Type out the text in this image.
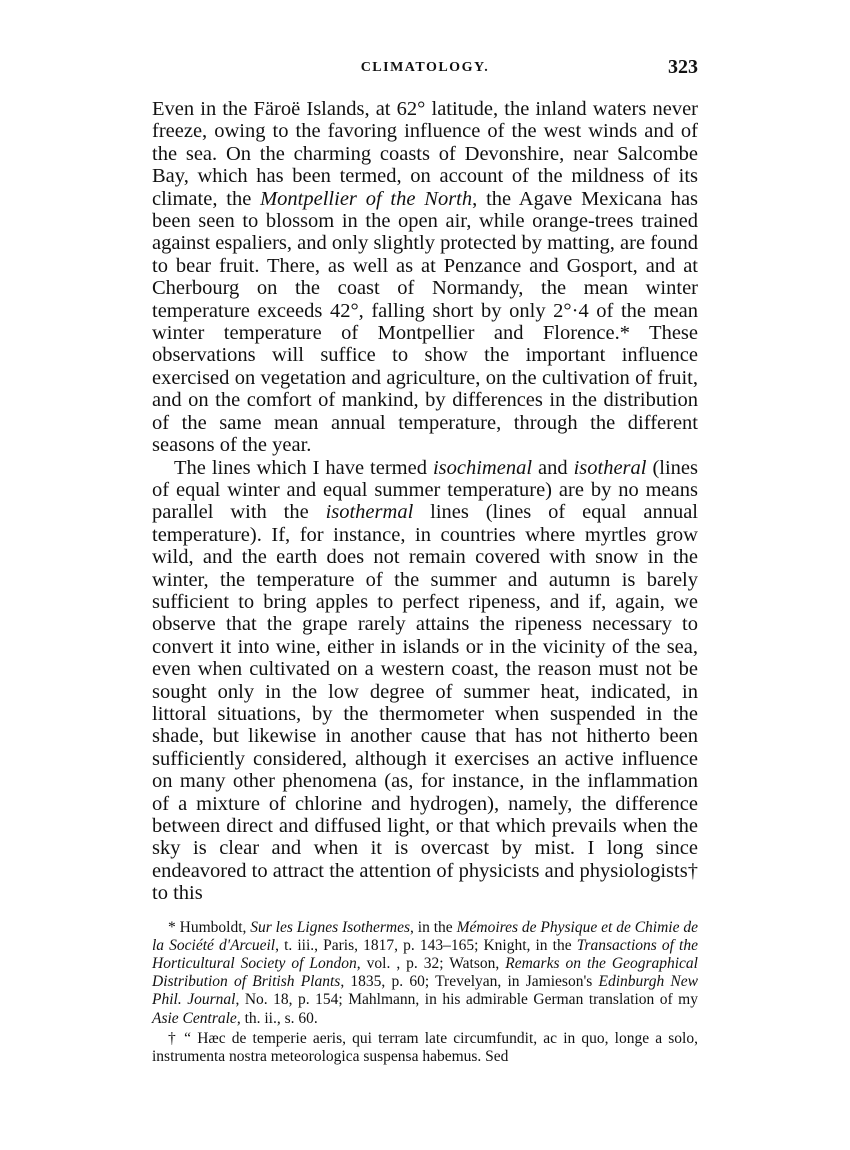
CLIMATOLOGY.	323

Even in the Färoë Islands, at 62° latitude, the inland waters never freeze, owing to the favoring influence of the west winds and of the sea. On the charming coasts of Devonshire, near Salcombe Bay, which has been termed, on account of the mildness of its climate, the Montpellier of the North, the Agave Mexicana has been seen to blossom in the open air, while orange-trees trained against espaliers, and only slightly protected by matting, are found to bear fruit. There, as well as at Penzance and Gosport, and at Cherbourg on the coast of Normandy, the mean winter temperature exceeds 42°, falling short by only 2°·4 of the mean winter temperature of Montpellier and Florence.* These observations will suffice to show the important influence exercised on vegetation and agriculture, on the cultivation of fruit, and on the comfort of mankind, by differences in the distribution of the same mean annual temperature, through the different seasons of the year.

The lines which I have termed isochimenal and isotheral (lines of equal winter and equal summer temperature) are by no means parallel with the isothermal lines (lines of equal annual temperature). If, for instance, in countries where myrtles grow wild, and the earth does not remain covered with snow in the winter, the temperature of the summer and autumn is barely sufficient to bring apples to perfect ripeness, and if, again, we observe that the grape rarely attains the ripeness necessary to convert it into wine, either in islands or in the vicinity of the sea, even when cultivated on a western coast, the reason must not be sought only in the low degree of summer heat, indicated, in littoral situations, by the thermometer when suspended in the shade, but likewise in another cause that has not hitherto been sufficiently considered, although it exercises an active influence on many other phenomena (as, for instance, in the inflammation of a mixture of chlorine and hydrogen), namely, the difference between direct and diffused light, or that which prevails when the sky is clear and when it is overcast by mist. I long since endeavored to attract the attention of physicists and physiologists† to this

* Humboldt, Sur les Lignes Isothermes, in the Mémoires de Physique et de Chimie de la Société d'Arcueil, t. iii., Paris, 1817, p. 143–165; Knight, in the Transactions of the Horticultural Society of London, vol. , p. 32; Watson, Remarks on the Geographical Distribution of British Plants, 1835, p. 60; Trevelyan, in Jamieson's Edinburgh New Phil. Journal, No. 18, p. 154; Mahlmann, in his admirable German translation of my Asie Centrale, th. ii., s. 60.

† “ Hæc de temperie aeris, qui terram late circumfundit, ac in quo, longe a solo, instrumenta nostra meteorologica suspensa habemus. Sed
